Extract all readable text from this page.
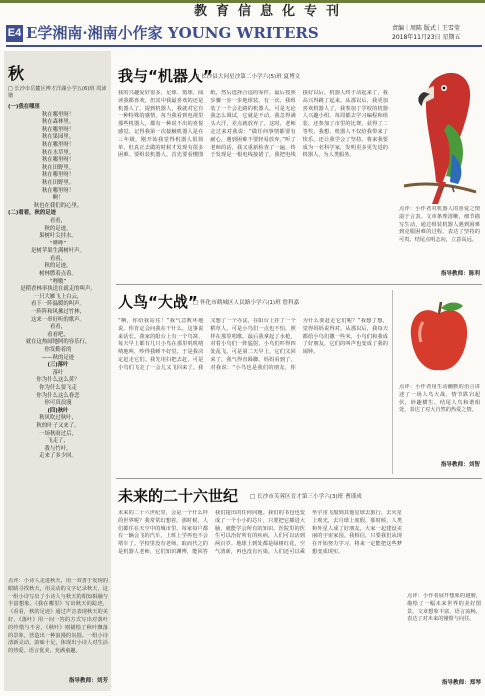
教育信息化专刊
E4 E学湘南·湘南小作家 YOUNG WRITERS	责编｜周陈 版式｜王雪莹
2018年11月23日 星期五
秋
□ 长沙市岳麓区博才洋湖小学五(6)班 周沛锴

(一)我在哪里

秋在哪里呀！

秋在森林里。

秋在哪里呀！

秋在果园里。

秋在哪里呀！

秋在水草里。

秋在哪里呀！

秋在田野里。

秋在哪里呀！

秋在田野里。

秋在哪里呀！

啊！

秋也在我们的心里。

(二)看看，秋的足迹

看看，

秋的足迹，

果树叶尖挂水。

“哗哗”

是树苹果生满树叶声。

看看，

秋的足迹，

树林燃着点着。

“哩嗷”

是稻香林率执送在就走的叫声。

一只大雁飞上白云，

看下一阵温暖的叫声。

一阵阵和风拂过竹林，

这来一串好听的歌声。

看看，

看看吧，

就在这热闹地阿的容乐行，

你发勤着的

——秋的足迹

(三)落叶

落叶

你为什么这么黄？

你为什么要飞走

你为什么这么眷恋

你可真浪漫

(四)秋叶

秋风吹过秋叶，

秋的叶子又来了。

一场秋雨过后，

飞走了，

我与竹叶。

走来了多少回。

点评：小诗人走进秋天，用一双善于发现的眼睛寻找秋天，用灵动的文字记录秋天，这一组小诗写出了小诗人与秋天的相知相融与丰富想象。《我在哪里》写出秋天的踪迹，《看看，秋的足迹》通过声音表现秋天的美好，《落叶》用一问一答的方式写出对落叶的怜惜与不舍，《秋叶》则描绘了秋叶飘落的景象，营造出一种浪漫的氛围。一组小诗清新灵动，韵味十足，体现出小诗人对生活的热爱。语言优美，充满童趣。
指导教师：刘芳
我与“机器人”
□ 长沙县大同星沙第二小学六(5)班 夏博文
我的兴趣爱好很多，足球、篮球、阅读我都喜欢，但其中我最喜欢的还是机器人了。提到机器人，我就对它有一种特殊的感情，每当我看到电视里那些机器人，都有一种说不出的喜悦感觉。记得我第一次接触机器人是在三年级，刚开始我觉得机器人很简单，但真正去做的时候才发现有很多困难。要组装机器人，首先要看懂图纸，然后选择合适的零件，最后按照步骤一步一步地组装。有一次，我组装了一个会走路的机器人，可是无论我怎么调试，它就是不动。我急得满头大汗，差点就放弃了。这时，老师走过来对我说：“做任何事情都要有耐心，遇到困难不要轻易放弃。”听了老师的话，我又重新检查了一遍，终于发现是一根电线接错了。我把电线接好以后，机器人终于动起来了，我高兴得跳了起来。从那以后，我更加喜欢机器人了，我参加了学校的机器人兴趣小组，每周都去学习编程和组装，还参加了市里的比赛，获得了二等奖。我想，机器人不仅给我带来了快乐，还让我学会了坚持。将来我要成为一名科学家，发明更多更先进的机器人，为人类服务。
点评：小作者对机器人的喜爱之情溢于言表。文章条理清晰，细节描写生动，通过组装机器人遇到困难到克服困难的过程，表达了坚持的可贵。结尾点明志向，立意高远。
指导教师：陈利
人鸟“大战”
□ 怀化市鹤城区人民路小学六(1)班 詹科嘉
“啊，你给我站住！”我气急败坏地说。你肯定会问我在干什么，这事说来话长。我家的阳台上有一个鸟窝，每天早上都有几只小鸟在那里叽叽喳喳地叫，吵得我睡不好觉。于是我决定赶走它们。我先用扫把去赶，可是小鸟们飞走了一会儿又飞回来了。我又想了一个办法，在阳台上挂了一个稻草人，可是小鸟们一点也不怕，照样在那里唱歌。最后我拿起了水枪，对着小鸟们一阵猛射，小鸟们吓得四处乱飞。可是第二天早上，它们又回来了，我气得直跺脚。妈妈看到了，对我说：“小鸟也是我们的朋友，你为什么要赶走它们呢？”我想了想，觉得妈妈说得对。从那以后，我每天都给小鸟们撒一些米，小鸟们和我成了好朋友，它们的叫声也变成了我的闹钟。
点评：小作者用生动幽默的语言讲述了一场人鸟大战，情节跌宕起伏，妙趣横生。结尾人鸟和谐相处，表达了对大自然的热爱之情。
指导教师：刘智
未来的二十六世纪 □ 长沙市芙蓉区育才第三小学六(3)班 曹谨成
未来的二十六世纪里，会是一个什么样的世界呢？我常常幻想着。那时候，人们都住在天空中的城市里，每家每户都有一辆会飞的汽车，上班上学再也不会堵车了。学校里没有老师，取而代之的是机器人老师，它们知识渊博，能回答我们提出的任何问题。我们的书包也变成了一个小小的芯片，只要把它插进大脑，就能学会所有的知识。医院里的医生可以治好所有的疾病，人们可以活到两百岁。地球上到处都是绿树红花，空气清新，再也没有污染。人们还可以乘坐宇宙飞船到其他星球去旅行，去火星上观光，去月球上度假。那时候，人类和外星人成了好朋友，大家一起建设美丽的宇宙家园。我相信，只要我们从现在开始努力学习，将来一定能把这些梦想变成现实。
点评：小作者展开想象的翅膀，描绘了一幅未来世界的美好图景。文章想象丰富，语言流畅，表达了对未来的憧憬与向往。
指导教师：郑琴
